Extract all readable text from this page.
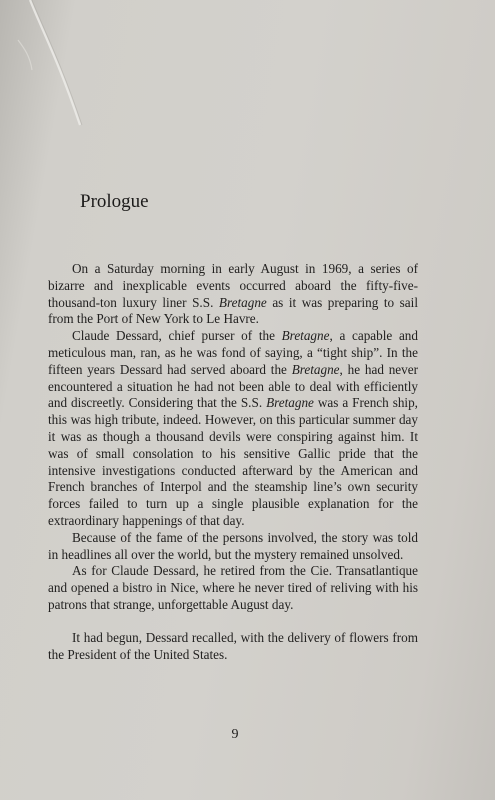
Prologue

On a Saturday morning in early August in 1969, a series of bizarre and inexplicable events occurred aboard the fifty-five-thousand-ton luxury liner S.S. Bretagne as it was preparing to sail from the Port of New York to Le Havre.

Claude Dessard, chief purser of the Bretagne, a capable and meticulous man, ran, as he was fond of saying, a “tight ship”. In the fifteen years Dessard had served aboard the Bretagne, he had never encountered a situation he had not been able to deal with efficiently and discreetly. Considering that the S.S. Bretagne was a French ship, this was high tribute, indeed. However, on this particular summer day it was as though a thousand devils were conspiring against him. It was of small consolation to his sensitive Gallic pride that the intensive investigations conducted afterward by the American and French branches of Interpol and the steamship line’s own security forces failed to turn up a single plausible explanation for the extraordinary happenings of that day.

Because of the fame of the persons involved, the story was told in headlines all over the world, but the mystery remained unsolved.

As for Claude Dessard, he retired from the Cie. Transatlantique and opened a bistro in Nice, where he never tired of reliving with his patrons that strange, unforgettable August day.

It had begun, Dessard recalled, with the delivery of flowers from the President of the United States.

9
